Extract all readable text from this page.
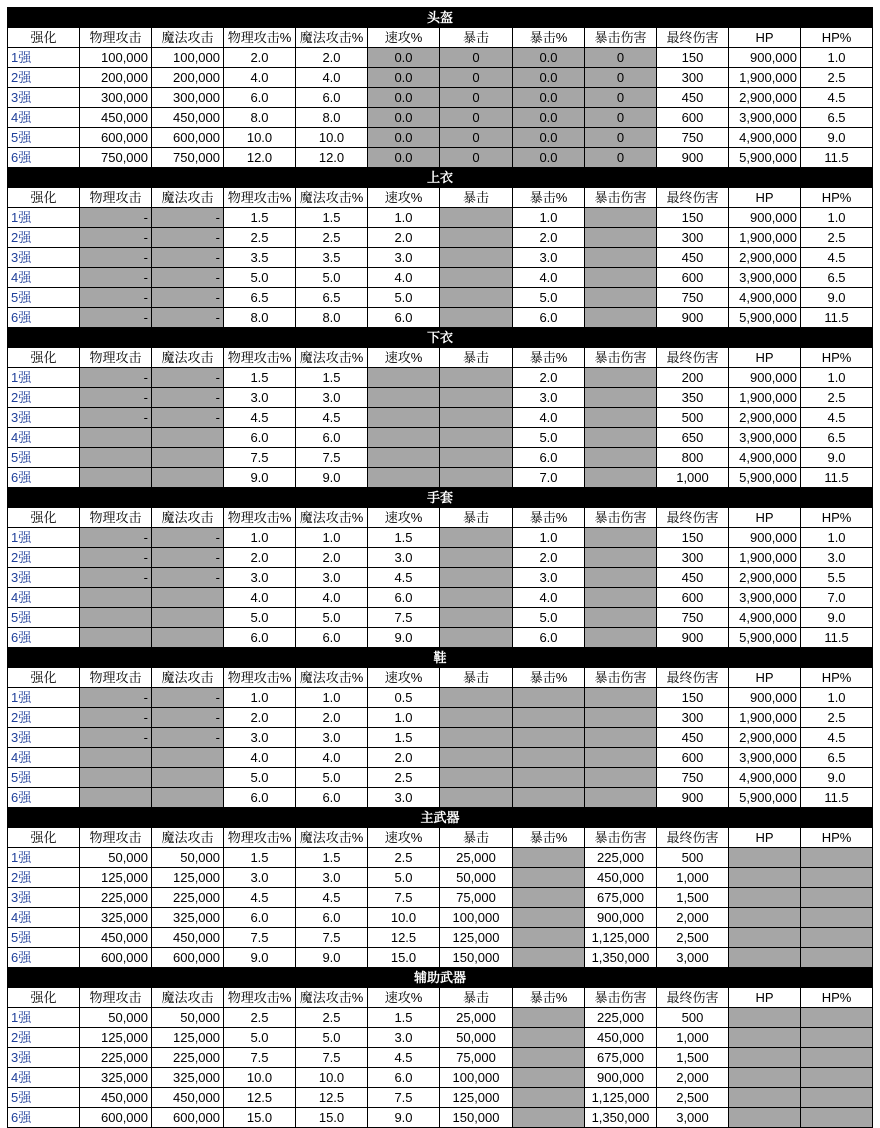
头盔											
强化	物理攻击	魔法攻击	物理攻击%	魔法攻击%	速攻%	暴击	暴击%	暴击伤害	最终伤害	HP	HP%
1强	100,000	100,000	2.0	2.0	0.0	0	0.0	0	150	900,000	1.0
2强	200,000	200,000	4.0	4.0	0.0	0	0.0	0	300	1,900,000	2.5
3强	300,000	300,000	6.0	6.0	0.0	0	0.0	0	450	2,900,000	4.5
4强	450,000	450,000	8.0	8.0	0.0	0	0.0	0	600	3,900,000	6.5
5强	600,000	600,000	10.0	10.0	0.0	0	0.0	0	750	4,900,000	9.0
6强	750,000	750,000	12.0	12.0	0.0	0	0.0	0	900	5,900,000	11.5
上衣											
强化	物理攻击	魔法攻击	物理攻击%	魔法攻击%	速攻%	暴击	暴击%	暴击伤害	最终伤害	HP	HP%
1强	-	-	1.5	1.5	1.0		1.0		150	900,000	1.0
2强	-	-	2.5	2.5	2.0		2.0		300	1,900,000	2.5
3强	-	-	3.5	3.5	3.0		3.0		450	2,900,000	4.5
4强	-	-	5.0	5.0	4.0		4.0		600	3,900,000	6.5
5强	-	-	6.5	6.5	5.0		5.0		750	4,900,000	9.0
6强	-	-	8.0	8.0	6.0		6.0		900	5,900,000	11.5
下衣											
强化	物理攻击	魔法攻击	物理攻击%	魔法攻击%	速攻%	暴击	暴击%	暴击伤害	最终伤害	HP	HP%
1强	-	-	1.5	1.5			2.0		200	900,000	1.0
2强	-	-	3.0	3.0			3.0		350	1,900,000	2.5
3强	-	-	4.5	4.5			4.0		500	2,900,000	4.5
4强			6.0	6.0			5.0		650	3,900,000	6.5
5强			7.5	7.5			6.0		800	4,900,000	9.0
6强			9.0	9.0			7.0		1,000	5,900,000	11.5
手套											
强化	物理攻击	魔法攻击	物理攻击%	魔法攻击%	速攻%	暴击	暴击%	暴击伤害	最终伤害	HP	HP%
1强	-	-	1.0	1.0	1.5		1.0		150	900,000	1.0
2强	-	-	2.0	2.0	3.0		2.0		300	1,900,000	3.0
3强	-	-	3.0	3.0	4.5		3.0		450	2,900,000	5.5
4强			4.0	4.0	6.0		4.0		600	3,900,000	7.0
5强			5.0	5.0	7.5		5.0		750	4,900,000	9.0
6强			6.0	6.0	9.0		6.0		900	5,900,000	11.5
鞋											
强化	物理攻击	魔法攻击	物理攻击%	魔法攻击%	速攻%	暴击	暴击%	暴击伤害	最终伤害	HP	HP%
1强	-	-	1.0	1.0	0.5				150	900,000	1.0
2强	-	-	2.0	2.0	1.0				300	1,900,000	2.5
3强	-	-	3.0	3.0	1.5				450	2,900,000	4.5
4强			4.0	4.0	2.0				600	3,900,000	6.5
5强			5.0	5.0	2.5				750	4,900,000	9.0
6强			6.0	6.0	3.0				900	5,900,000	11.5
主武器											
强化	物理攻击	魔法攻击	物理攻击%	魔法攻击%	速攻%	暴击	暴击%	暴击伤害	最终伤害	HP	HP%
1强	50,000	50,000	1.5	1.5	2.5	25,000		225,000	500		
2强	125,000	125,000	3.0	3.0	5.0	50,000		450,000	1,000		
3强	225,000	225,000	4.5	4.5	7.5	75,000		675,000	1,500		
4强	325,000	325,000	6.0	6.0	10.0	100,000		900,000	2,000		
5强	450,000	450,000	7.5	7.5	12.5	125,000		1,125,000	2,500		
6强	600,000	600,000	9.0	9.0	15.0	150,000		1,350,000	3,000		
辅助武器											
强化	物理攻击	魔法攻击	物理攻击%	魔法攻击%	速攻%	暴击	暴击%	暴击伤害	最终伤害	HP	HP%
1强	50,000	50,000	2.5	2.5	1.5	25,000		225,000	500		
2强	125,000	125,000	5.0	5.0	3.0	50,000		450,000	1,000		
3强	225,000	225,000	7.5	7.5	4.5	75,000		675,000	1,500		
4强	325,000	325,000	10.0	10.0	6.0	100,000		900,000	2,000		
5强	450,000	450,000	12.5	12.5	7.5	125,000		1,125,000	2,500		
6强	600,000	600,000	15.0	15.0	9.0	150,000		1,350,000	3,000		
